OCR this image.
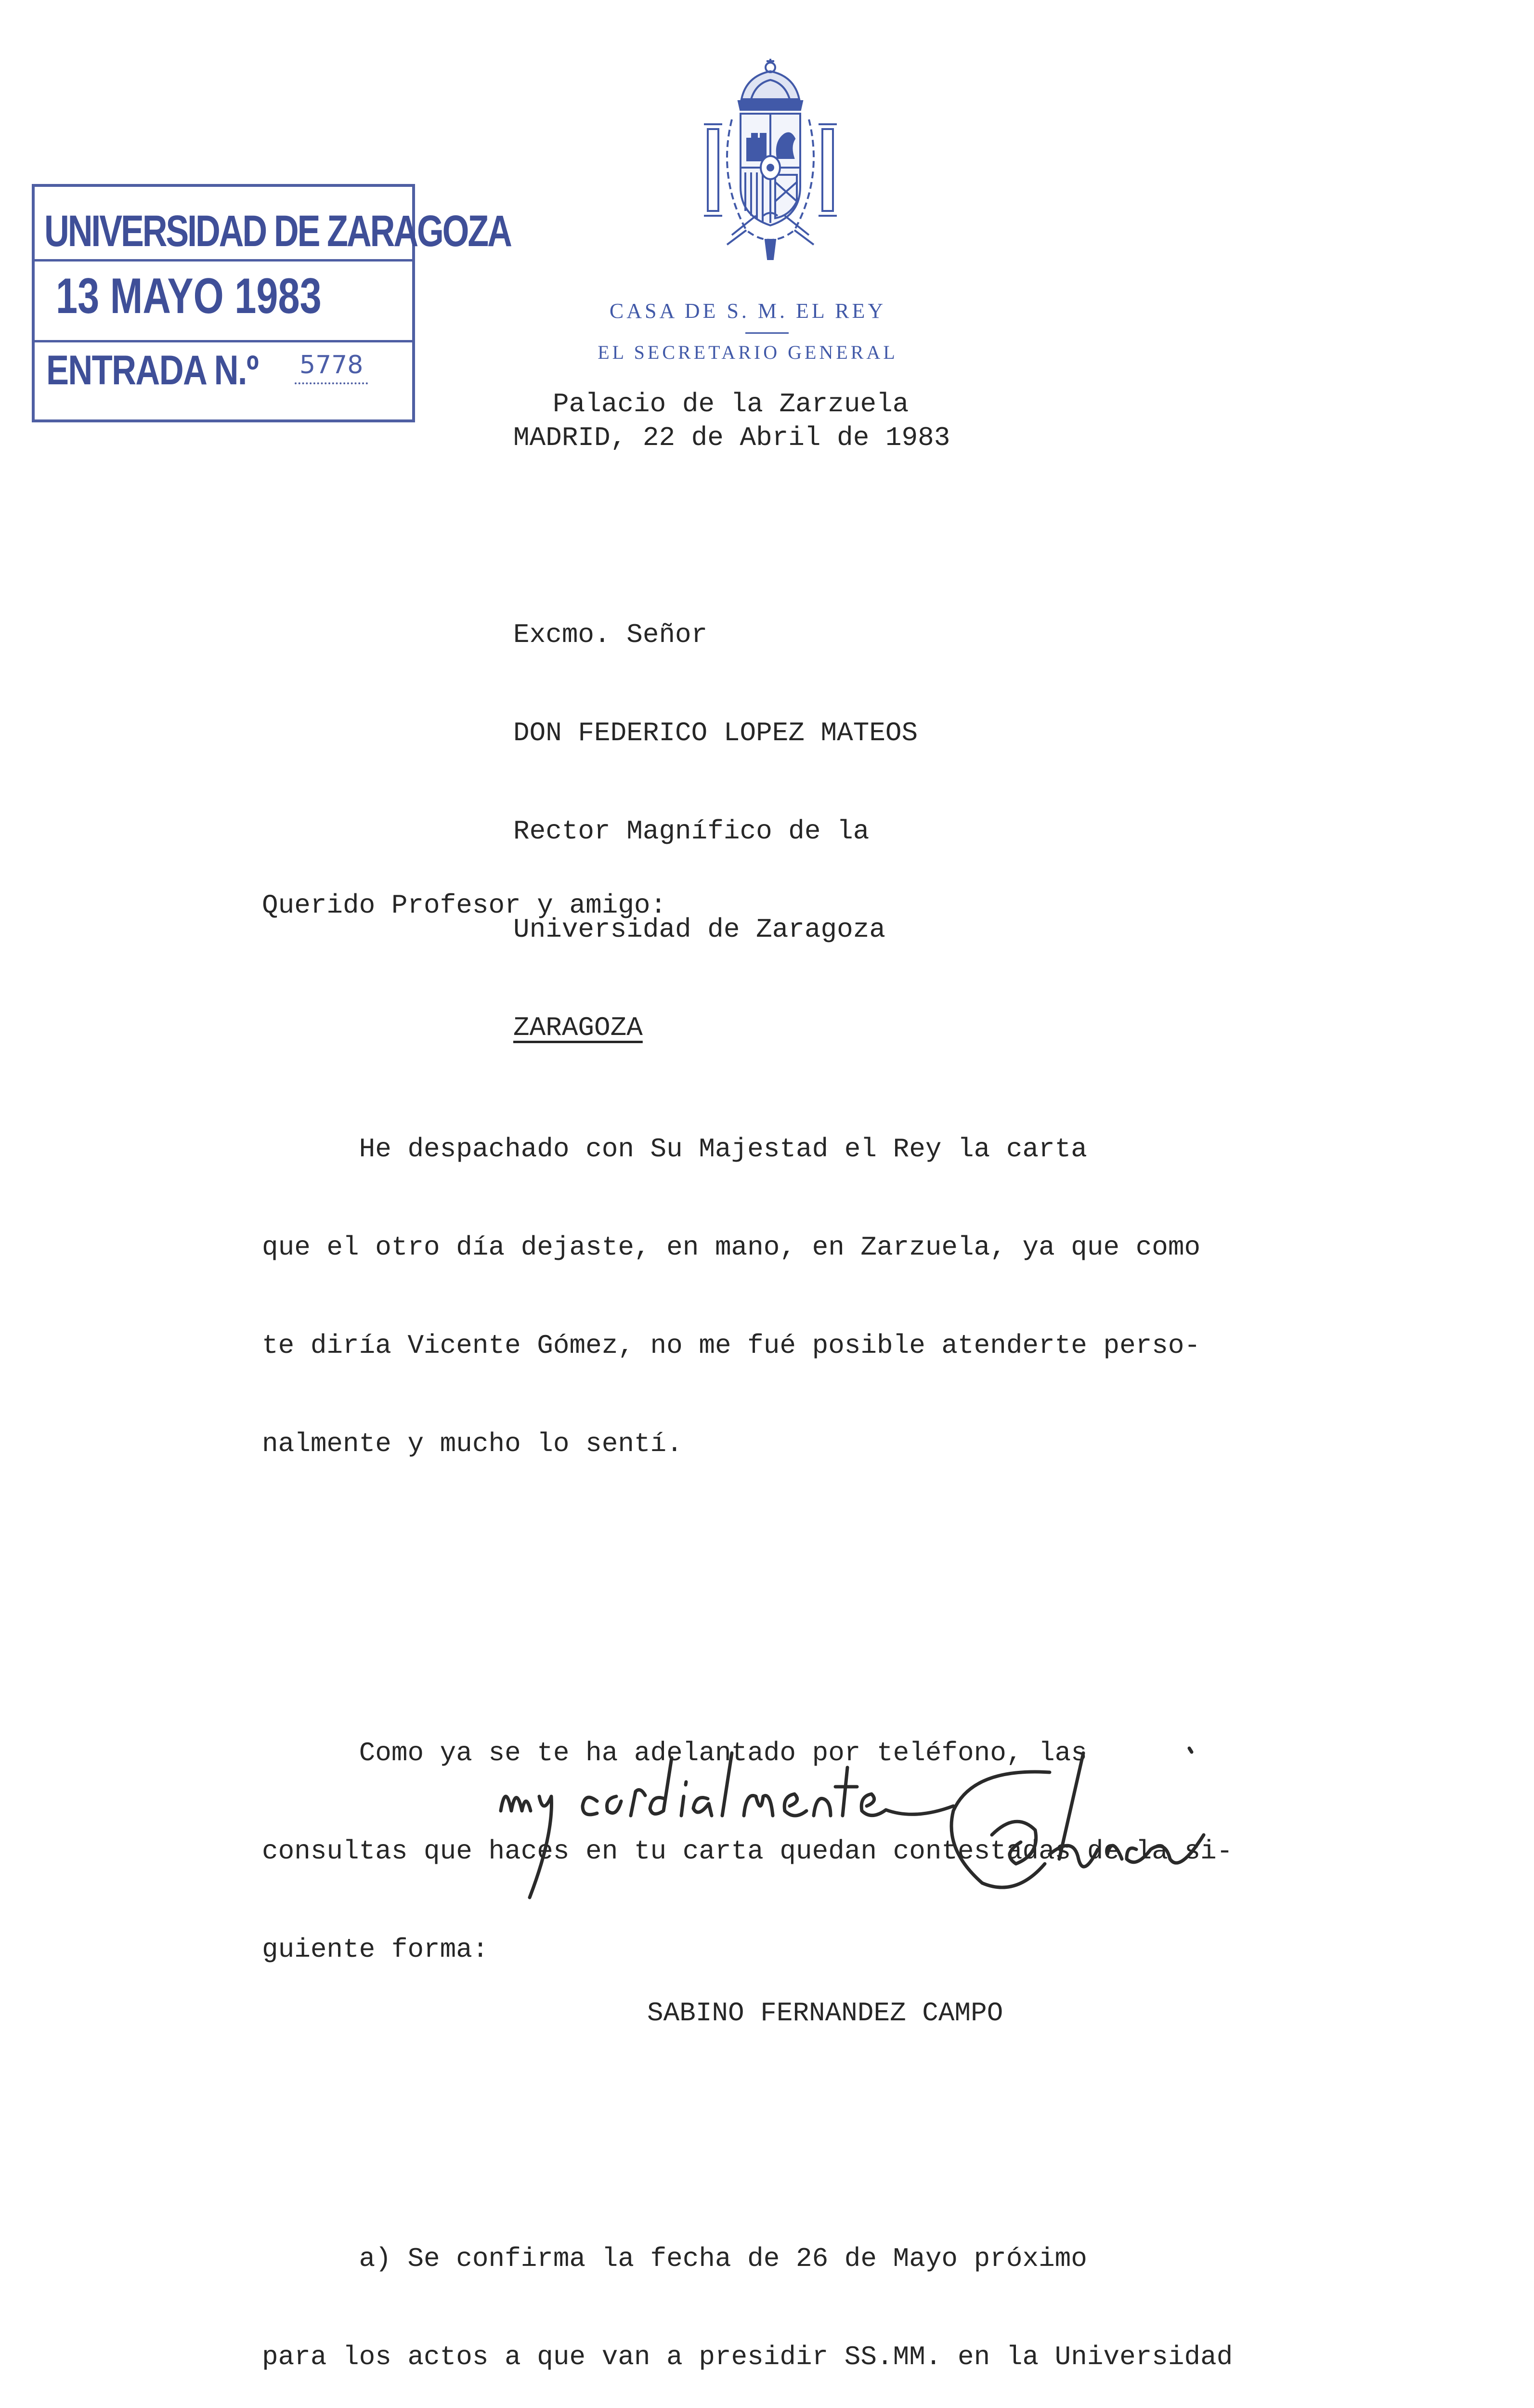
UNIVERSIDAD DE ZARAGOZA
13 MAYO 1983
ENTRADA N.º 5778
CASA DE S. M. EL REY
EL SECRETARIO GENERAL
Palacio de la Zarzuela
MADRID, 22 de Abril de 1983

Excmo. Señor

DON FEDERICO LOPEZ MATEOS

Rector Magnífico de la

Universidad de Zaragoza

ZARAGOZA

Querido Profesor y amigo:

He despachado con Su Majestad el Rey la carta

que el otro día dejaste, en mano, en Zarzuela, ya que como

te diría Vicente Gómez, no me fué posible atenderte perso-

nalmente y mucho lo sentí.

Como ya se te ha adelantado por teléfono, las

consultas que haces en tu carta quedan contestadas de la si-

guiente forma:

a) Se confirma la fecha de 26 de Mayo próximo

para los actos a que van a presidir SS.MM. en la Universidad

SABINO FERNANDEZ CAMPO
